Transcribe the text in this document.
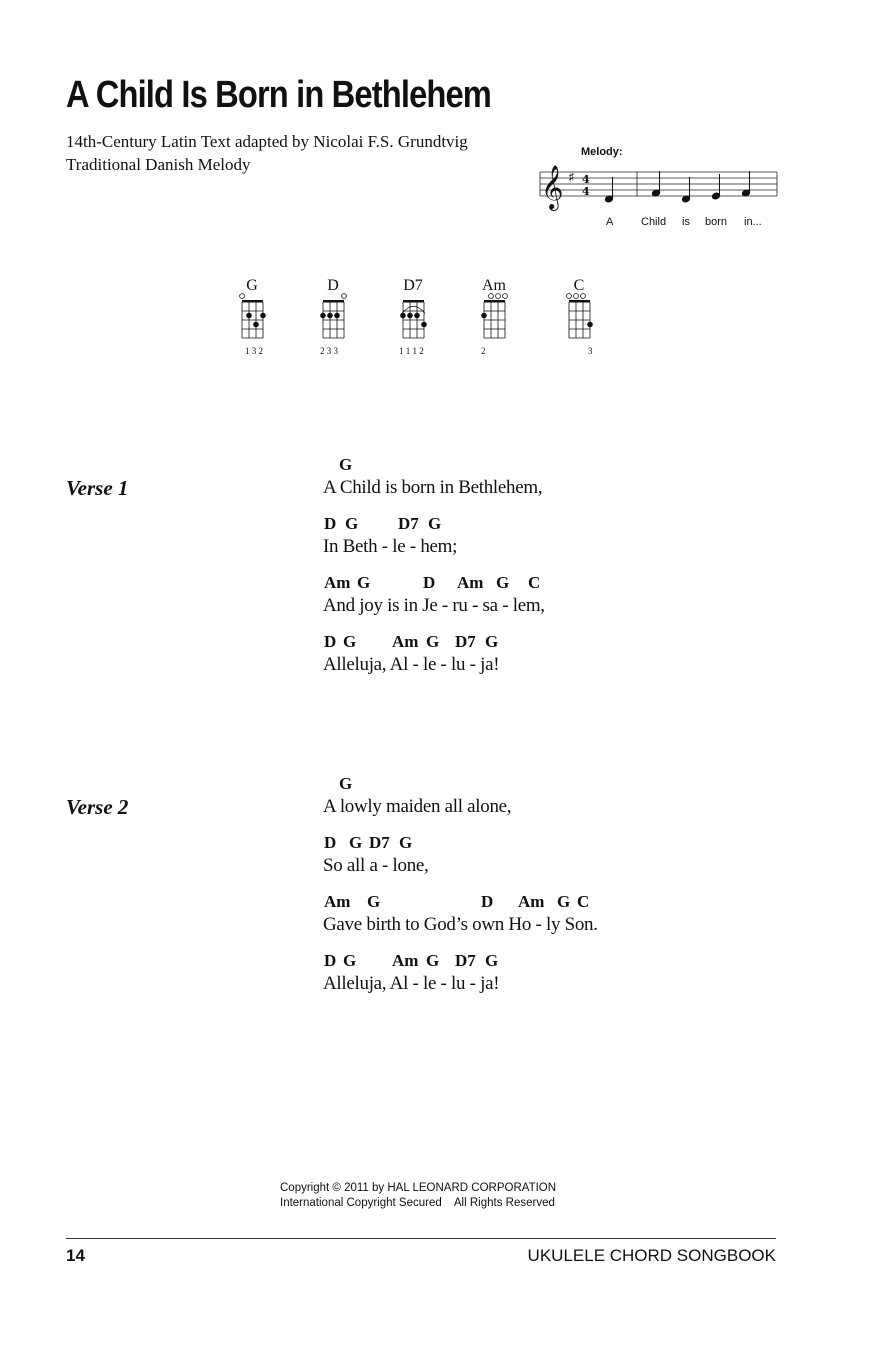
A Child Is Born in Bethlehem
14th-Century Latin Text adapted by Nicolai F.S. Grundtvig
Traditional Danish Melody
Melody:
𝄞 ♯ 4
4
A	Child is born in...
G
1 3 2
D
2 3 3
D7
1 1 1 2
Am
2
C
3
Verse 1
G
A Child is born in Bethlehem,
D G D7 G
In Beth - le - hem;
Am G	D Am G C
And joy is in Je - ru - sa - lem,
D G Am G D7 G
Alleluja, Al - le - lu - ja!
Verse 2
G
A lowly maiden all alone,
D G D7 G
So all a - lone,
Am G	D Am G C
Gave birth to God’s own Ho - ly Son.
D G Am G D7 G
Alleluja, Al - le - lu - ja!
Copyright © 2011 by HAL LEONARD CORPORATION
International Copyright Secured    All Rights Reserved
14	UKULELE CHORD SONGBOOK
